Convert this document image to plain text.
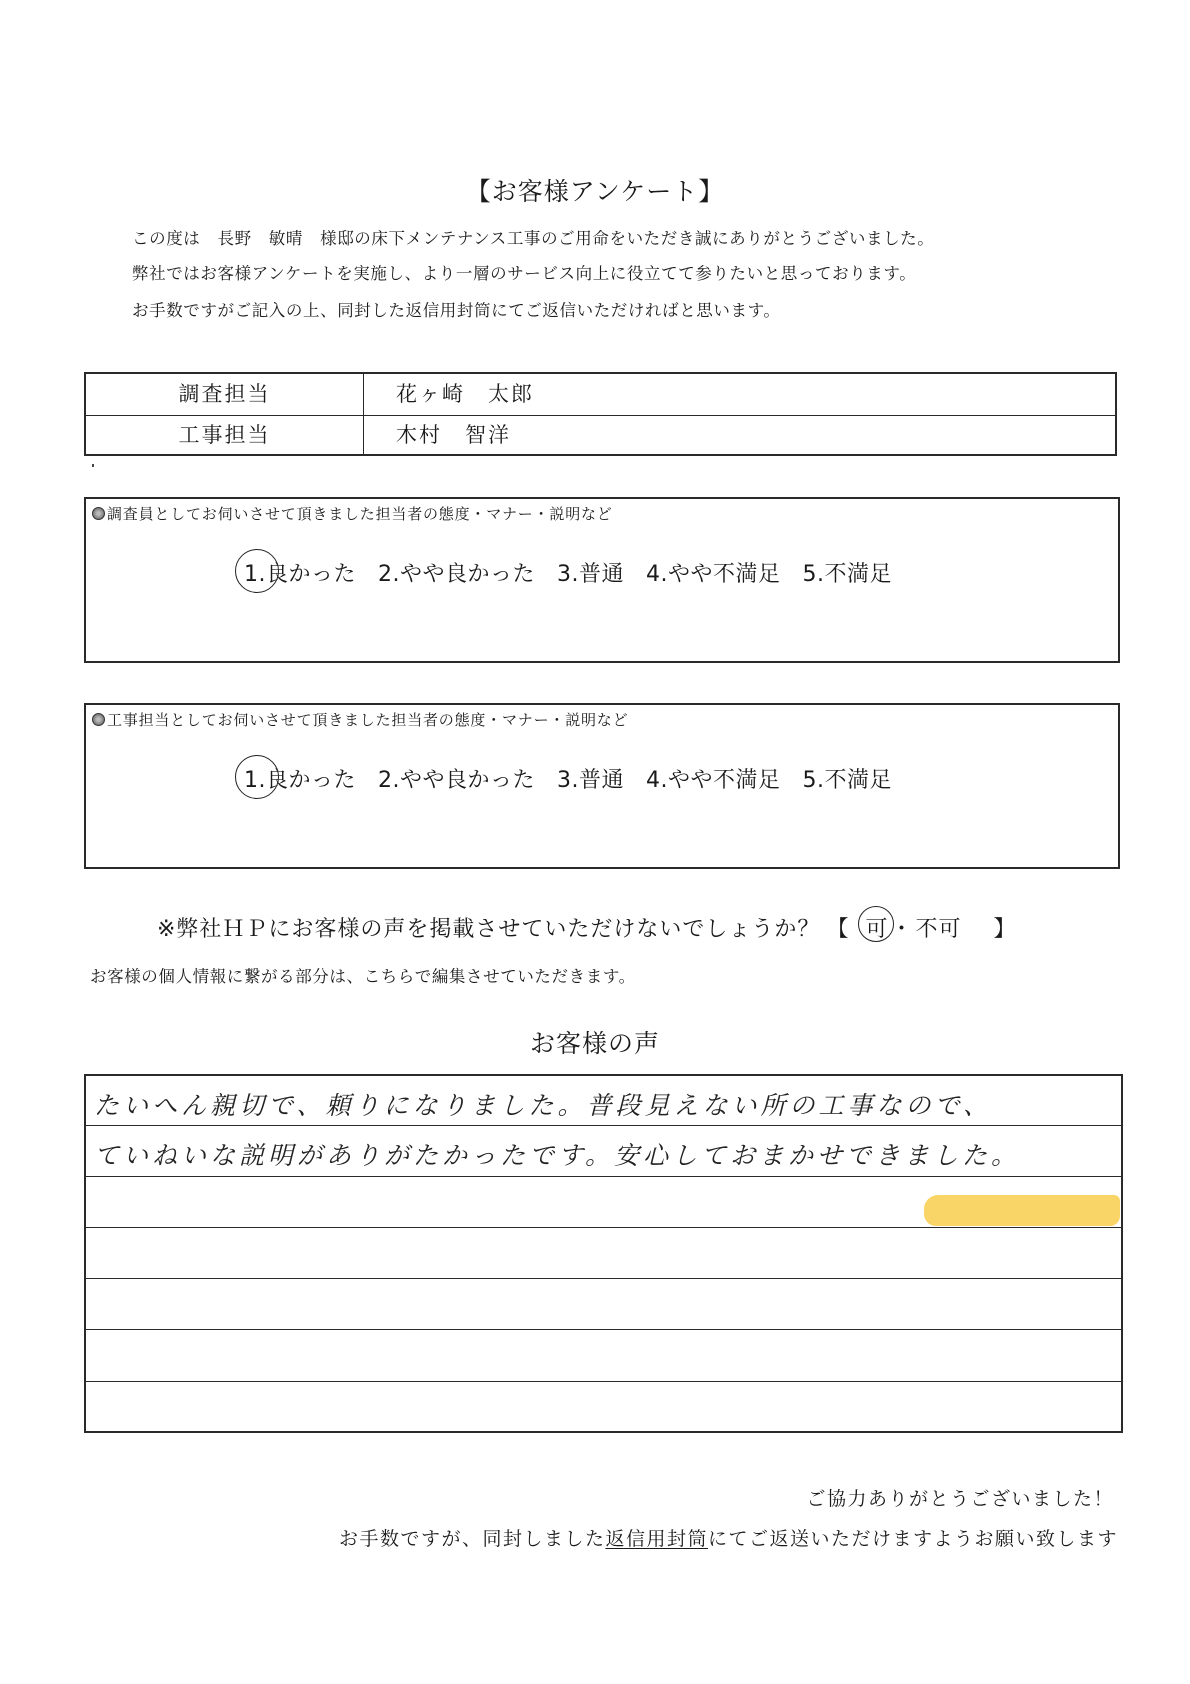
【お客様アンケート】
この度は　長野　敏晴　様邸の床下メンテナンス工事のご用命をいただき誠にありがとうございました。
弊社ではお客様アンケートを実施し、より一層のサービス向上に役立てて参りたいと思っております。
お手数ですがご記入の上、同封した返信用封筒にてご返信いただければと思います。
調査担当	花ヶ崎　太郎
工事担当	木村　智洋
調査員としてお伺いさせて頂きました担当者の態度・マナー・説明など
1.良かった 2.やや良かった 3.普通 4.やや不満足 5.不満足
工事担当としてお伺いさせて頂きました担当者の態度・マナー・説明など
1.良かった 2.やや良かった 3.普通 4.やや不満足 5.不満足
※弊社ＨＰにお客様の声を掲載させていただけないでしょうか？ 【 可 ・ 不可 】
お客様の個人情報に繋がる部分は、こちらで編集させていただきます。
お客様の声
たいへん親切で、頼りになりました。普段見えない所の工事なので、
ていねいな説明がありがたかったです。安心しておまかせできました。
ご協力ありがとうございました！
お手数ですが、同封しました返信用封筒にてご返送いただけますようお願い致します
